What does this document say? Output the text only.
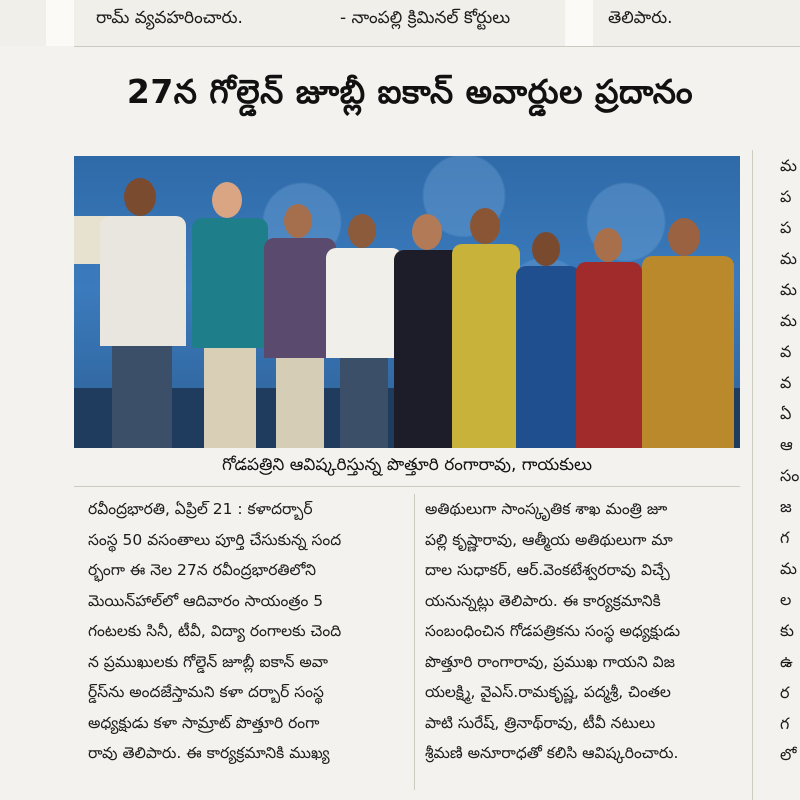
రామ్ వ్యవహరించారు.	- నాంపల్లి క్రిమినల్ కోర్టులు	తెలిపారు.
మ
ప
ప
మ
మ
మ
వ
వ
ఏ
ఆ
సం
జ
గ
మ
ల
కు
ఉ
ర
గ
లో
27న గోల్డెన్ జూబ్లీ ఐకాన్ అవార్డుల ప్రదానం
గోడపత్రిని ఆవిష్కరిస్తున్న పొత్తూరి రంగారావు, గాయకులు
రవీంద్రభారతి, ఏప్రిల్ 21 : కళాదర్బార్
సంస్థ 50 వసంతాలు పూర్తి చేసుకున్న సంద
ర్భంగా ఈ నెల 27న రవీంద్రభారతిలోని
మెయిన్‌హాల్‌లో ఆదివారం సాయంత్రం 5
గంటలకు సినీ, టీవీ, విద్యా రంగాలకు చెంది
న ప్రముఖులకు గోల్డెన్ జూబ్లీ ఐకాన్ అవా
ర్డ్‌స్‌ను అందజేస్తామని కళా దర్బార్ సంస్థ
అధ్యక్షుడు కళా సామ్రాట్ పొత్తూరి రంగా
రావు తెలిపారు. ఈ కార్యక్రమానికి ముఖ్య
అతిథులుగా సాంస్కృతిక శాఖ మంత్రి జూ
పల్లి కృష్ణారావు, ఆత్మీయ అతిథులుగా మా
దాల సుధాకర్, ఆర్.వెంకటేశ్వరరావు విచ్చే
యనున్నట్లు తెలిపారు. ఈ కార్యక్రమానికి
సంబంధించిన గోడపత్రికను సంస్థ అధ్యక్షుడు
పొత్తూరి రాంగారావు, ప్రముఖ గాయని విజ
యలక్ష్మి, వైఎస్.రామకృష్ణ, పద్మశ్రీ, చింతల
పాటి సురేష్, త్రినాథ్‌రావు, టీవీ నటులు
శ్రీమణి అనూరాధతో కలిసి ఆవిష్కరించారు.
